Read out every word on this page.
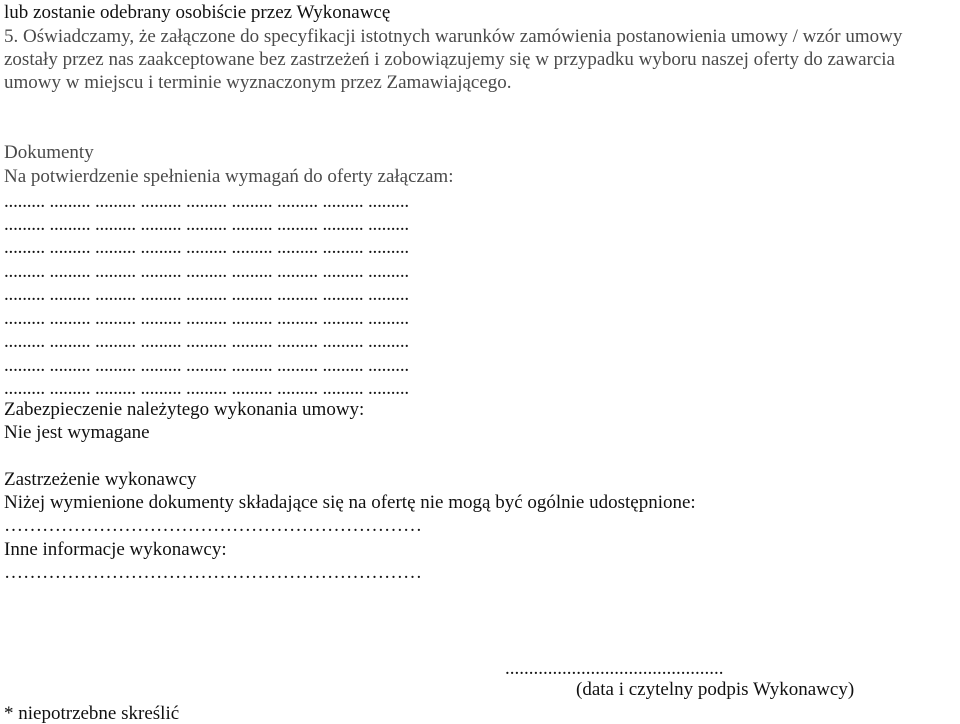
lub zostanie odebrany osobiście przez Wykonawcę
5. Oświadczamy, że załączone do specyfikacji istotnych warunków zamówienia postanowienia umowy / wzór umowy
zostały przez nas zaakceptowane bez zastrzeżeń i zobowiązujemy się w przypadku wyboru naszej oferty do zawarcia
umowy w miejscu i terminie wyznaczonym przez Zamawiającego.
Dokumenty
Na potwierdzenie spełnienia wymagań do oferty załączam:
......... ......... ......... ......... ......... ......... ......... ......... .........
......... ......... ......... ......... ......... ......... ......... ......... .........
......... ......... ......... ......... ......... ......... ......... ......... .........
......... ......... ......... ......... ......... ......... ......... ......... .........
......... ......... ......... ......... ......... ......... ......... ......... .........
......... ......... ......... ......... ......... ......... ......... ......... .........
......... ......... ......... ......... ......... ......... ......... ......... .........
......... ......... ......... ......... ......... ......... ......... ......... .........
......... ......... ......... ......... ......... ......... ......... ......... .........
Zabezpieczenie należytego wykonania umowy:
Nie jest wymagane
Zastrzeżenie wykonawcy
Niżej wymienione dokumenty składające się na ofertę nie mogą być ogólnie udostępnione:
…………………………………………………………
Inne informacje wykonawcy:
…………………………………………………………
..............................................
(data i czytelny podpis Wykonawcy)
* niepotrzebne skreślić
